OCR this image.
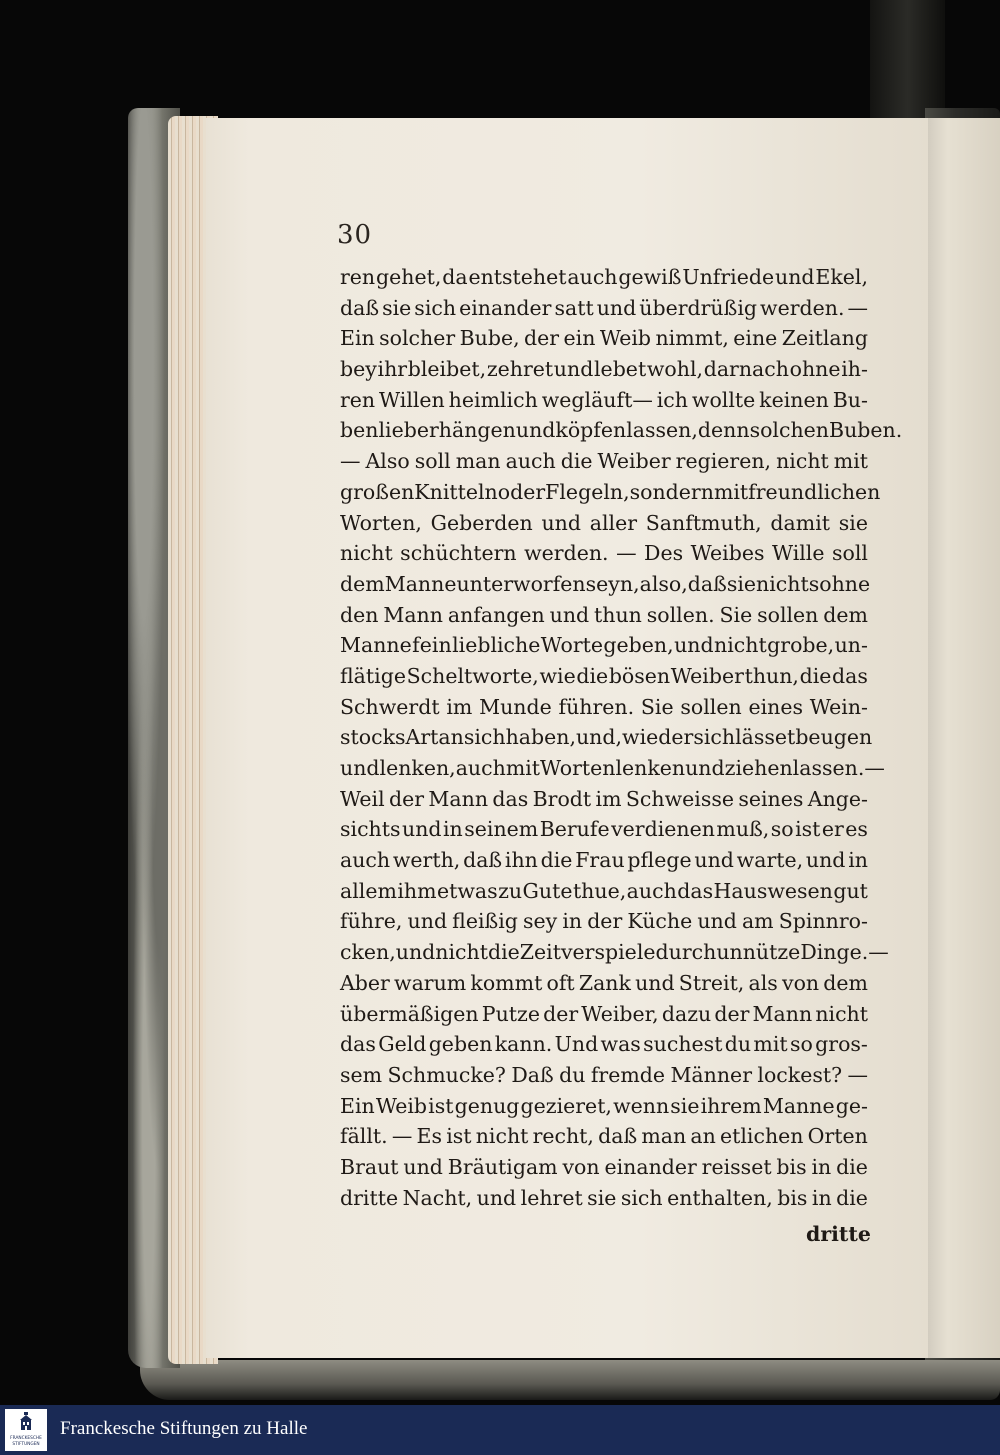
30
ren gehet, da entstehet auch gewiß Unfriede und Ekel,
daß sie sich einander satt und überdrüßig werden. —
Ein solcher Bube, der ein Weib nimmt, eine Zeitlang
bey ihr bleibet, zehret und lebet wohl, darnach ohne ih-
ren Willen heimlich wegläuft— ich wollte keinen Bu-
ben lieber hängen und köpfen lassen, denn solchen Buben.
— Also soll man auch die Weiber regieren, nicht mit
großen Knitteln oder Flegeln, sondern mit freundlichen
Worten, Geberden und aller Sanftmuth, damit sie
nicht schüchtern werden. — Des Weibes Wille soll
dem Manne unterworfen seyn, also, daß sie nichts ohne
den Mann anfangen und thun sollen. Sie sollen dem
Manne fein liebliche Worte geben, und nicht grobe, un-
flätige Scheltworte, wie die bösen Weiber thun, die das
Schwerdt im Munde führen. Sie sollen eines Wein-
stocks Art an sich haben, und, wie der sich lässet beugen
und lenken, auch mit Worten lenken und ziehen lassen.—
Weil der Mann das Brodt im Schweisse seines Ange-
sichts und in seinem Berufe verdienen muß, so ist er es
auch werth, daß ihn die Frau pflege und warte, und in
allem ihm etwas zu Gute thue, auch das Hauswesen gut
führe, und fleißig sey in der Küche und am Spinnro-
cken, und nicht die Zeit verspiele durch unnütze Dinge.—
Aber warum kommt oft Zank und Streit, als von dem
übermäßigen Putze der Weiber, dazu der Mann nicht
das Geld geben kann. Und was suchest du mit so gros-
sem Schmucke? Daß du fremde Männer lockest? —
Ein Weib ist genug gezieret, wenn sie ihrem Manne ge-
fällt. — Es ist nicht recht, daß man an etlichen Orten
Braut und Bräutigam von einander reisset bis in die
dritte Nacht, und lehret sie sich enthalten, bis in die
dritte
FRANCKESCHE
STIFTUNGEN
Franckesche Stiftungen zu Halle
